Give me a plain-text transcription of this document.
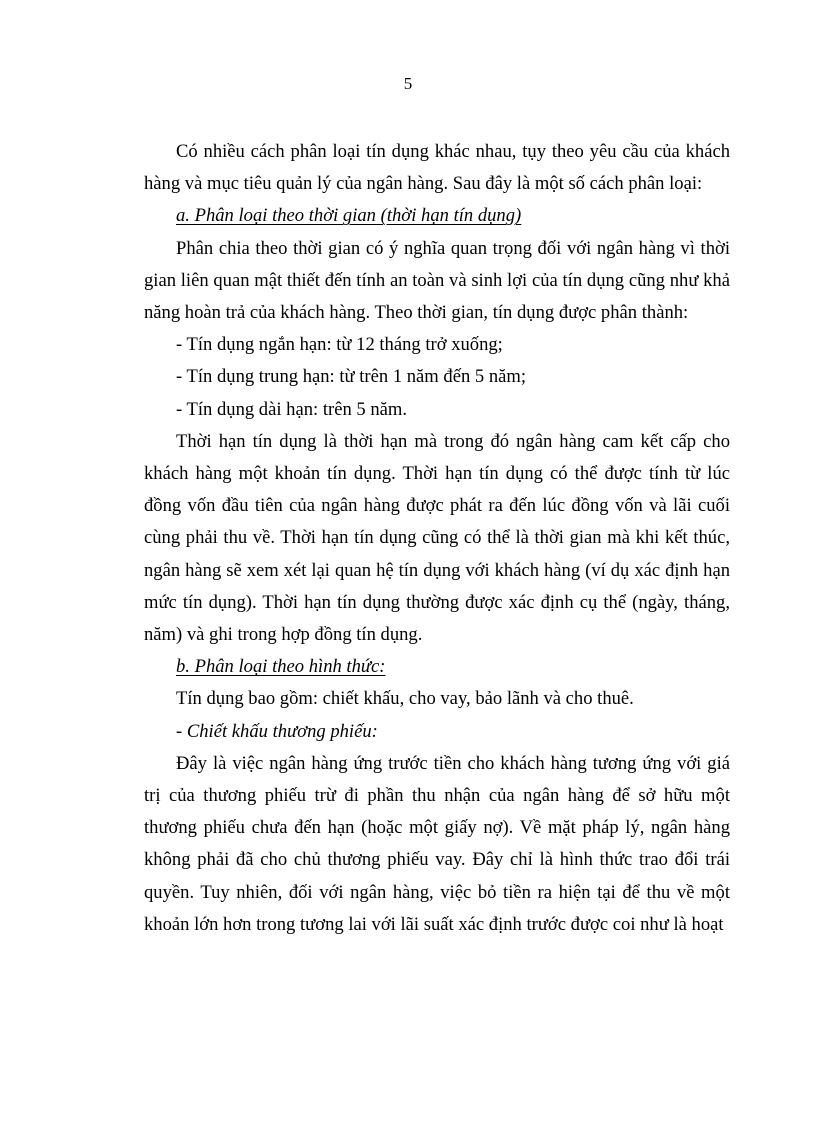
5

Có nhiều cách phân loại tín dụng khác nhau, tụy theo yêu cầu của khách hàng và mục tiêu quản lý của ngân hàng. Sau đây là một số cách phân loại:

a. Phân loại theo thời gian (thời hạn tín dụng)

Phân chia theo thời gian có ý nghĩa quan trọng đối với ngân hàng vì thời gian liên quan mật thiết đến tính an toàn và sinh lợi của tín dụng cũng như khả năng hoàn trả của khách hàng. Theo thời gian, tín dụng được phân thành:

- Tín dụng ngắn hạn: từ 12 tháng trở xuống;

- Tín dụng trung hạn: từ trên 1 năm đến 5 năm;

- Tín dụng dài hạn: trên 5 năm.

Thời hạn tín dụng là thời hạn mà trong đó ngân hàng cam kết cấp cho khách hàng một khoản tín dụng. Thời hạn tín dụng có thể được tính từ lúc đồng vốn đầu tiên của ngân hàng được phát ra đến lúc đồng vốn và lãi cuối cùng phải thu về. Thời hạn tín dụng cũng có thể là thời gian mà khi kết thúc, ngân hàng sẽ xem xét lại quan hệ tín dụng với khách hàng (ví dụ xác định hạn mức tín dụng). Thời hạn tín dụng thường được xác định cụ thể (ngày, tháng, năm) và ghi trong hợp đồng tín dụng.

b. Phân loại theo hình thức:

Tín dụng bao gồm: chiết khấu, cho vay, bảo lãnh và cho thuê.

- Chiết khấu thương phiếu:

Đây là việc ngân hàng ứng trước tiền cho khách hàng tương ứng với giá trị của thương phiếu trừ đi phần thu nhận của ngân hàng để sở hữu một thương phiếu chưa đến hạn (hoặc một giấy nợ). Về mặt pháp lý, ngân hàng không phải đã cho chủ thương phiếu vay. Đây chỉ là hình thức trao đổi trái quyền. Tuy nhiên, đối với ngân hàng, việc bỏ tiền ra hiện tại để thu về một khoản lớn hơn trong tương lai với lãi suất xác định trước được coi như là hoạt
